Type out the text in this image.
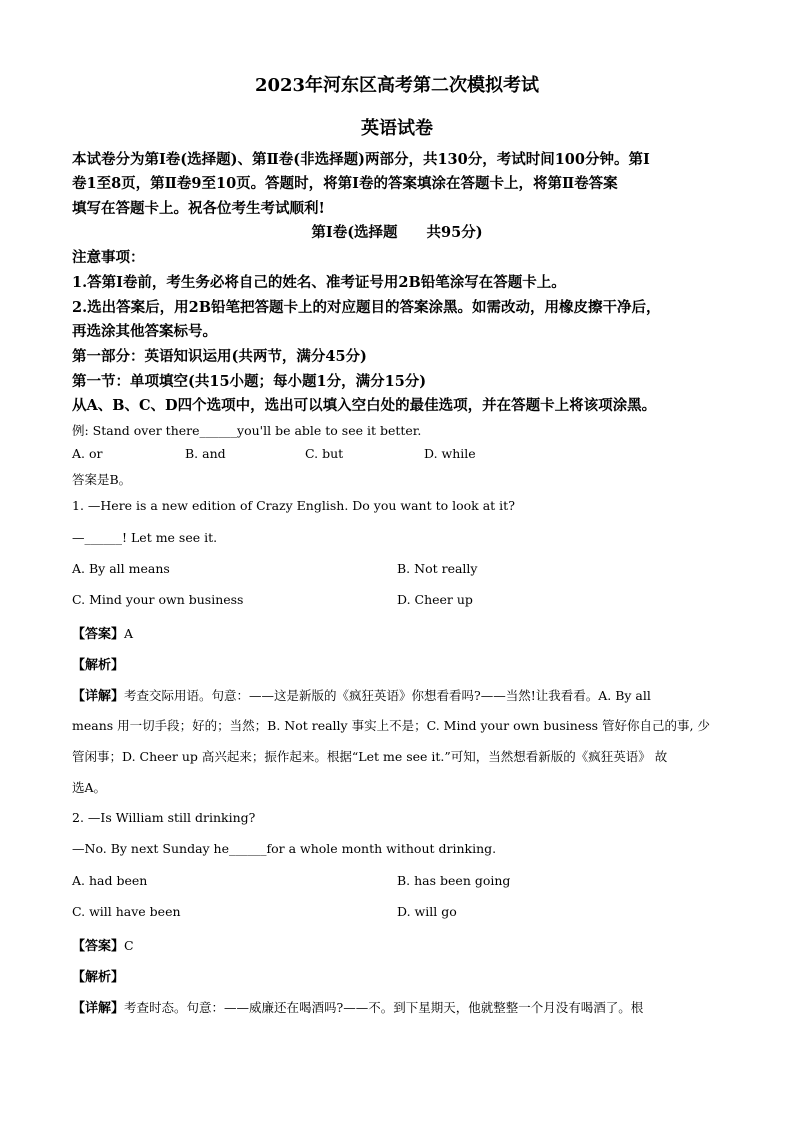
2023年河东区高考第二次模拟考试
英语试卷
本试卷分为第Ⅰ卷(选择题)、第Ⅱ卷(非选择题)两部分，共130分，考试时间100分钟。第Ⅰ
卷1至8页，第Ⅱ卷9至10页。答题时，将第Ⅰ卷的答案填涂在答题卡上，将第Ⅱ卷答案
填写在答题卡上。祝各位考生考试顺利!
第Ⅰ卷(选择题　　共95分)
注意事项：
1.答第Ⅰ卷前，考生务必将自己的姓名、准考证号用2B铅笔涂写在答题卡上。
2.选出答案后，用2B铅笔把答题卡上的对应题目的答案涂黑。如需改动，用橡皮擦干净后，
再选涂其他答案标号。
第一部分：英语知识运用(共两节，满分45分)
第一节：单项填空(共15小题；每小题1分，满分15分)
从A、B、C、D四个选项中，选出可以填入空白处的最佳选项，并在答题卡上将该项涂黑。
例: Stand over there______you'll be able to see it better.
A. or	B. and	C. but	D. while
答案是B。
1. —Here is a new edition of Crazy English. Do you want to look at it?
—______! Let me see it.
A. By all means	B. Not really
C. Mind your own business	D. Cheer up
【答案】A
【解析】
【详解】考查交际用语。句意：——这是新版的《疯狂英语》你想看看吗?——当然!让我看看。A. By all
means 用一切手段；好的；当然；B. Not really 事实上不是；C. Mind your own business 管好你自己的事, 少
管闲事；D. Cheer up 高兴起来；振作起来。根据“Let me see it.”可知，当然想看新版的《疯狂英语》 故
选A。
2. —Is William still drinking?
—No. By next Sunday he______for a whole month without drinking.
A. had been	B. has been going
C. will have been	D. will go
【答案】C
【解析】
【详解】考查时态。句意：——威廉还在喝酒吗?——不。到下星期天，他就整整一个月没有喝酒了。根
